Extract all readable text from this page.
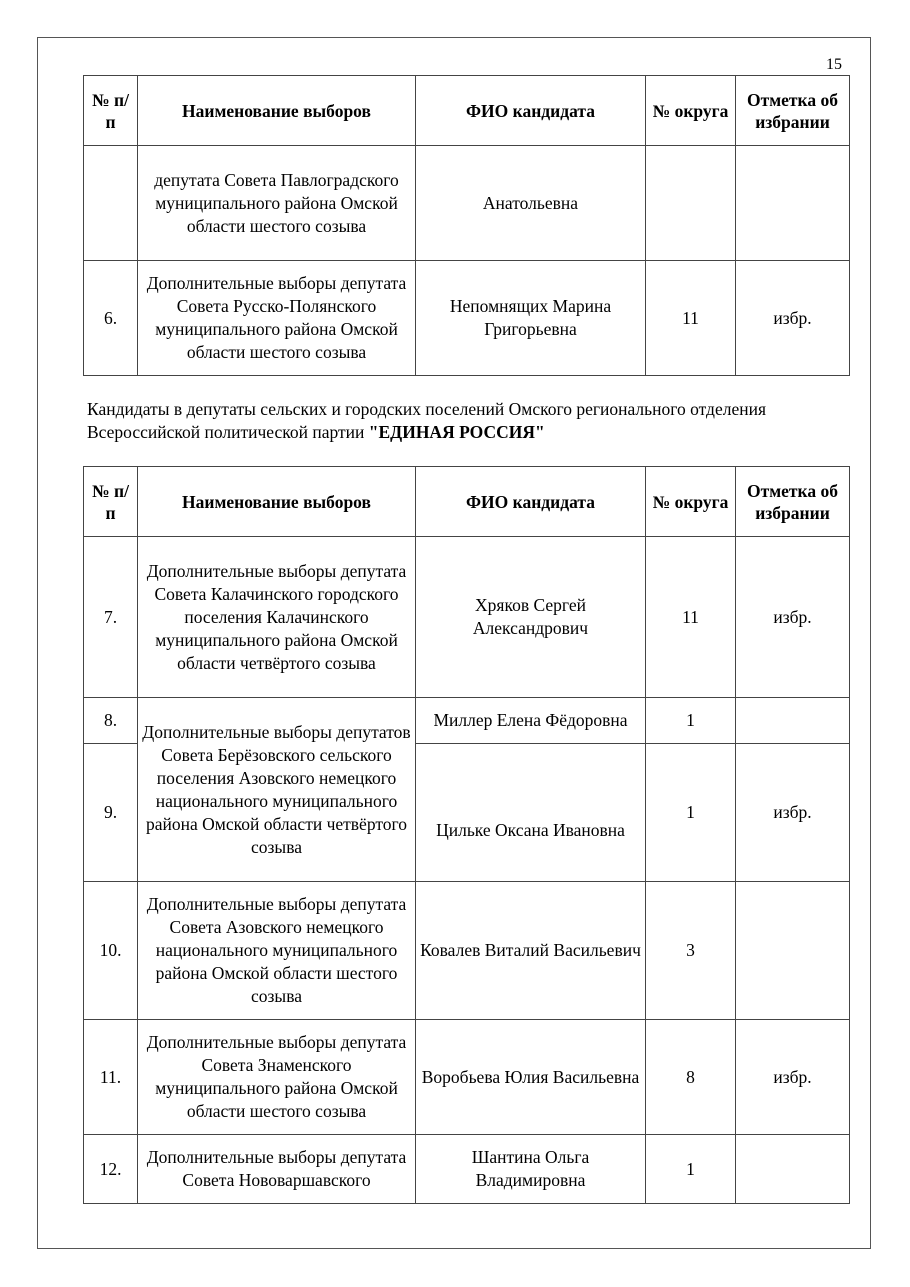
15
№ п/п	Наименование выборов	ФИО кандидата	№ округа	Отметка об избрании
	депутата Совета Павлоградского муниципального района Омской области шестого созыва	Анатольевна		
6.	Дополнительные выборы депутата Совета Русско-Полянского муниципального района Омской области шестого созыва	Непомнящих Марина Григорьевна	11	избр.
Кандидаты в депутаты сельских и городских поселений Омского регионального отделения Всероссийской политической партии "ЕДИНАЯ РОССИЯ"
№ п/п	Наименование выборов	ФИО кандидата	№ округа	Отметка об избрании
7.	Дополнительные выборы депутата Совета Калачинского городского поселения Калачинского муниципального района Омской области четвёртого созыва	Хряков Сергей Александрович	11	избр.
8.	Дополнительные выборы депутатов Совета Берёзовского сельского поселения Азовского немецкого национального муниципального района Омской области четвёртого созыва	Миллер Елена Фёдоровна	1	
9.		Цильке Оксана Ивановна	1	избр.
10.	Дополнительные выборы депутата Совета Азовского немецкого национального муниципального района Омской области шестого созыва	Ковалев Виталий Васильевич	3	
11.	Дополнительные выборы депутата Совета Знаменского муниципального района Омской области шестого созыва	Воробьева Юлия Васильевна	8	избр.
12.	Дополнительные выборы депутата Совета Нововаршавского	Шантина Ольга Владимировна	1	
